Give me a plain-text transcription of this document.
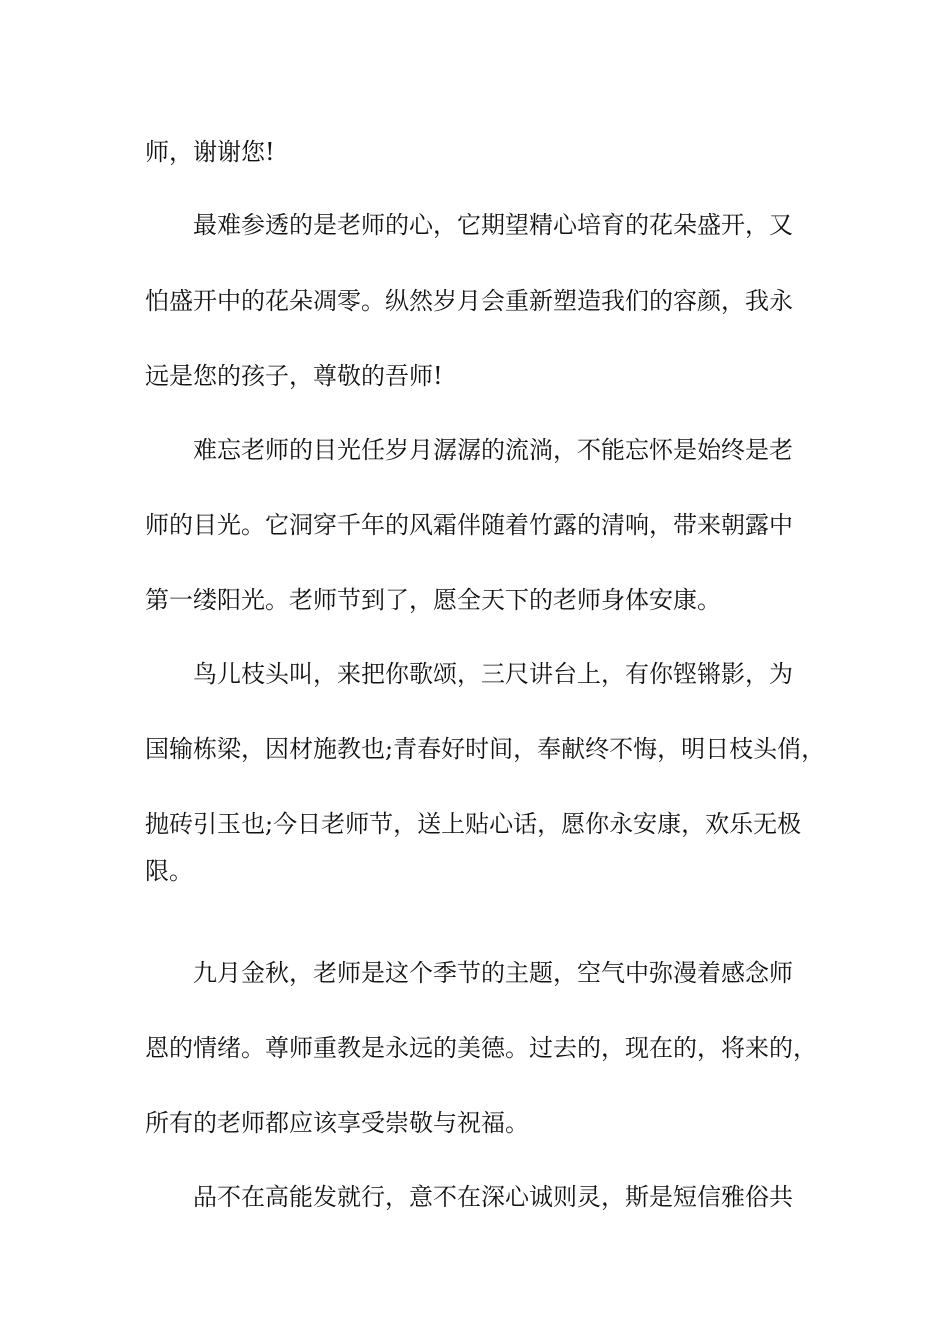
师，谢谢您!
最难参透的是老师的心，它期望精心培育的花朵盛开，又
怕盛开中的花朵凋零。纵然岁月会重新塑造我们的容颜，我永
远是您的孩子，尊敬的吾师!
难忘老师的目光任岁月潺潺的流淌，不能忘怀是始终是老
师的目光。它洞穿千年的风霜伴随着竹露的清响，带来朝露中
第一缕阳光。老师节到了，愿全天下的老师身体安康。
鸟儿枝头叫，来把你歌颂，三尺讲台上，有你铿锵影，为
国输栋梁，因材施教也;青春好时间，奉献终不悔，明日枝头俏，
抛砖引玉也;今日老师节，送上贴心话，愿你永安康，欢乐无极
限。
九月金秋，老师是这个季节的主题，空气中弥漫着感念师
恩的情绪。尊师重教是永远的美德。过去的，现在的，将来的，
所有的老师都应该享受崇敬与祝福。
品不在高能发就行，意不在深心诚则灵，斯是短信雅俗共
